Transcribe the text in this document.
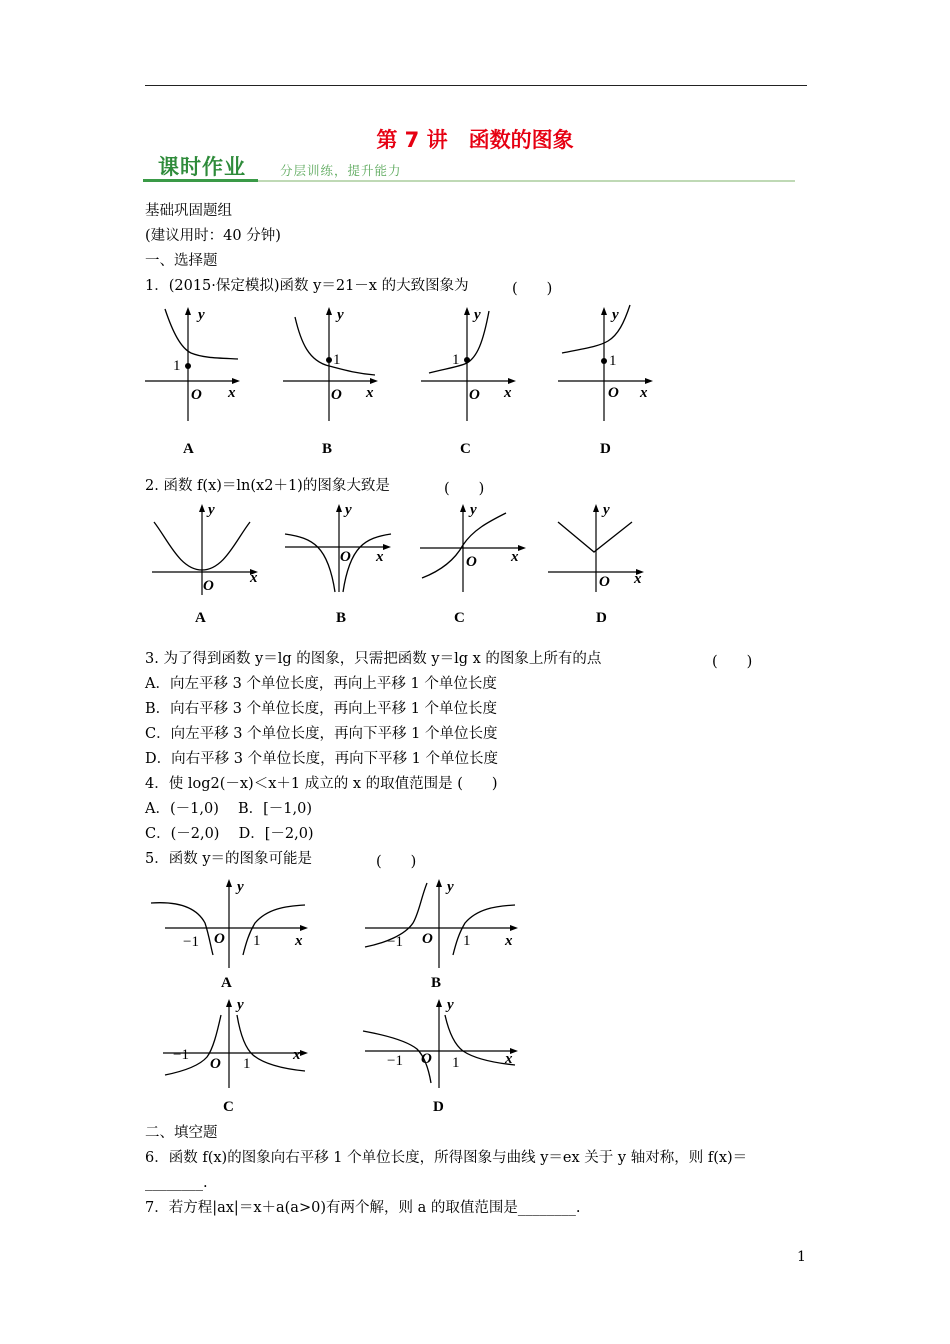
第 7 讲　函数的图象
课时作业	分层训练，提升能力
基础巩固题组
(建议用时：40 分钟)
一、选择题
1．(2015·保定模拟)函数 y＝21－x 的大致图象为	(　　)
1
y
O x
A
1
y
O x
B
1
y
O x
C
1
y
O x
D
2. 函数 f(x)＝ln(x2＋1)的图象大致是	(　　)
y
O x
A
y
O x
B
y
O x
C
y
O x
D
3. 为了得到函数 y＝lg 的图象，只需把函数 y＝lg x 的图象上所有的点	(　　)
A．向左平移 3 个单位长度，再向上平移 1 个单位长度
B．向右平移 3 个单位长度，再向上平移 1 个单位长度
C．向左平移 3 个单位长度，再向下平移 1 个单位长度
D．向右平移 3 个单位长度，再向下平移 1 个单位长度
4．使 log2(－x)＜x＋1 成立的 x 的取值范围是 (　　)
A．(－1,0)　 B．[－1,0)
C．(－2,0)　 D．[－2,0)
5．函数 y＝的图象可能是	(　　)
y
O
−1	1 x
A
y
O
−1	1 x
B
y
O
−1
1
x
C
y
O
−1	1	x
D
二、填空题
6．函数 f(x)的图象向右平移 1 个单位长度，所得图象与曲线 y＝ex 关于 y 轴对称，则 f(x)＝
________.
7．若方程|ax|＝x＋a(a>0)有两个解，则 a 的取值范围是________.
1
